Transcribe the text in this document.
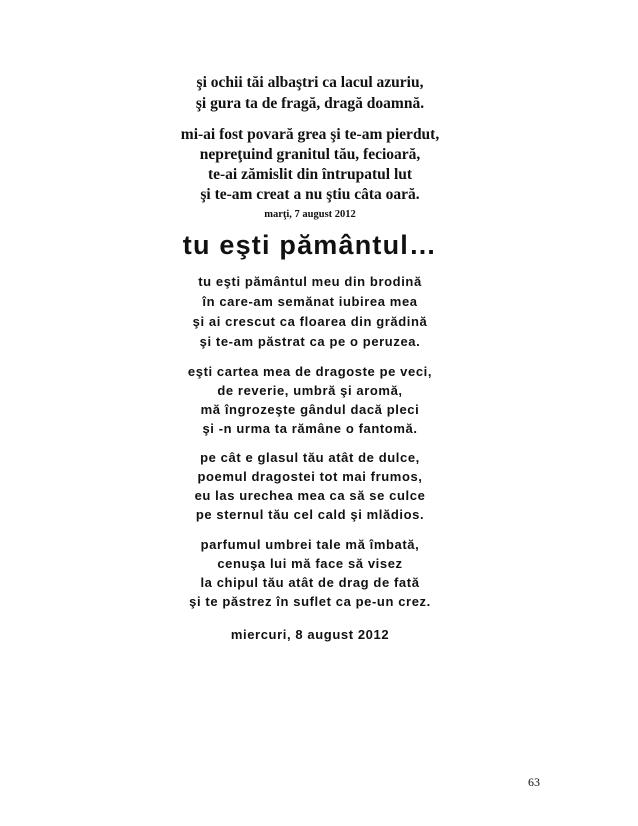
şi ochii tăi albaştri ca lacul azuriu,
şi gura ta de fragă, dragă doamnă.
mi-ai fost povară grea şi te-am pierdut,
nepreţuind granitul tău, fecioară,
te-ai zămislit din întrupatul lut
şi te-am creat a nu ştiu câta oară.
marţi, 7 august 2012
tu eşti pământul…
tu eşti pământul meu din brodină
în care-am semănat iubirea mea
şi ai crescut ca floarea din grădină
şi te-am păstrat ca pe o peruzea.
eşti cartea mea de dragoste pe veci,
de reverie, umbră şi aromă,
mă îngrozeşte gândul dacă pleci
şi -n urma ta rămâne o fantomă.
pe cât e glasul tău atât de dulce,
poemul dragostei tot mai frumos,
eu las urechea mea ca să se culce
pe sternul tău cel cald şi mlădios.
parfumul umbrei tale mă îmbată,
cenuşa lui mă face să visez
la chipul tău atât de drag de fată
şi te păstrez în suflet ca pe-un crez.
miercuri, 8 august 2012
63
